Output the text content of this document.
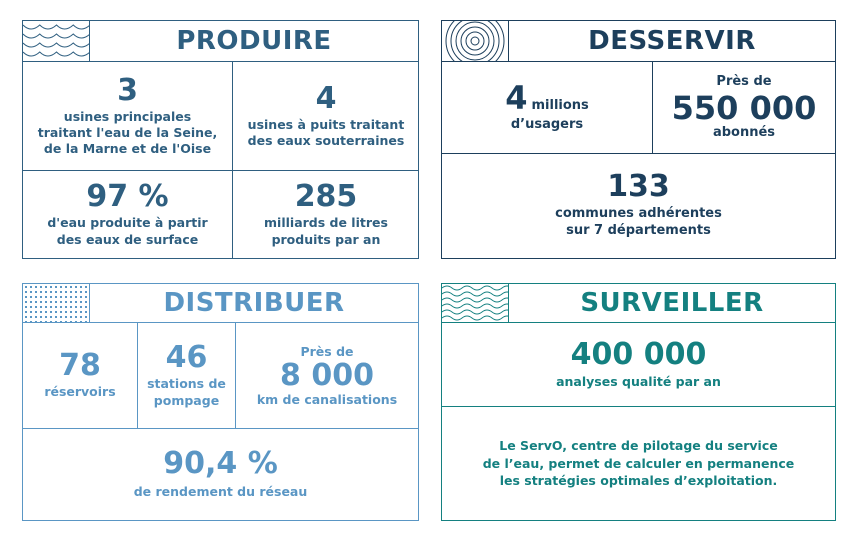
PRODUIRE
3
usines principales
traitant l'eau de la Seine,
de la Marne et de l'Oise
4
usines à puits traitant
des eaux souterraines
97 %
d'eau produite à partir
des eaux de surface
285
milliards de litres
produits par an
DESSERVIR
4 millions
d’usagers
Près de
550 000
abonnés
133
communes adhérentes
sur 7 départements
DISTRIBUER
78
réservoirs
46
stations de
pompage
Près de
8 000
km de canalisations
90,4 %
de rendement du réseau
SURVEILLER
400 000
analyses qualité par an
Le ServO, centre de pilotage du service
de l’eau, permet de calculer en permanence
les stratégies optimales d’exploitation.
